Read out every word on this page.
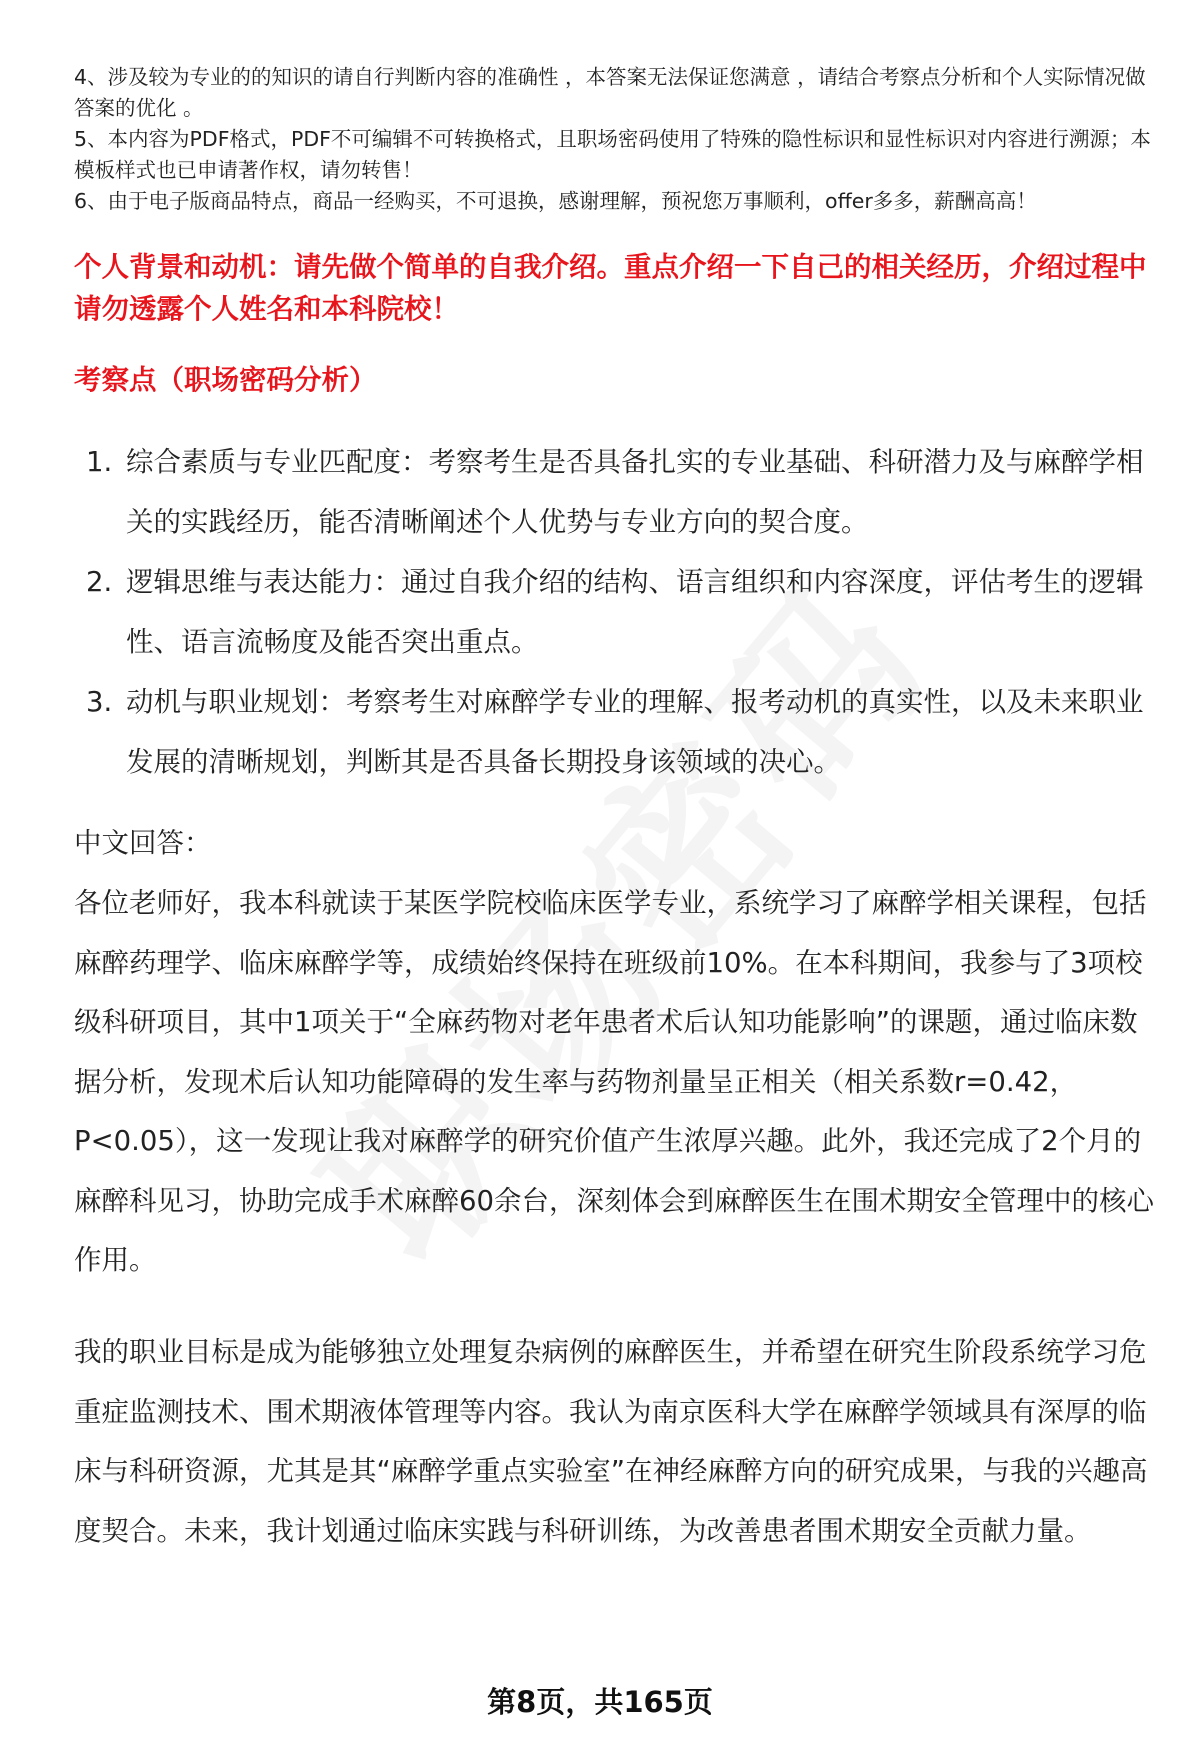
4、涉及较为专业的的知识的请自行判断内容的准确性 ，本答案无法保证您满意 ，请结合考察点分析和个人实际情况做答案的优化 。

5、本内容为PDF格式，PDF不可编辑不可转换格式，且职场密码使用了特殊的隐性标识和显性标识对内容进行溯源；本模板样式也已申请著作权，请勿转售！

6、由于电子版商品特点，商品一经购买，不可退换，感谢理解，预祝您万事顺利，offer多多，薪酬高高！

个人背景和动机：请先做个简单的自我介绍。重点介绍一下自己的相关经历，介绍过程中请勿透露个人姓名和本科院校！

考察点（职场密码分析）

1. 综合素质与专业匹配度：考察考生是否具备扎实的专业基础、科研潜力及与麻醉学相关的实践经历，能否清晰阐述个人优势与专业方向的契合度。
2. 逻辑思维与表达能力：通过自我介绍的结构、语言组织和内容深度，评估考生的逻辑性、语言流畅度及能否突出重点。
3. 动机与职业规划：考察考生对麻醉学专业的理解、报考动机的真实性，以及未来职业发展的清晰规划，判断其是否具备长期投身该领域的决心。

中文回答：

各位老师好，我本科就读于某医学院校临床医学专业，系统学习了麻醉学相关课程，包括麻醉药理学、临床麻醉学等，成绩始终保持在班级前10%。在本科期间，我参与了3项校级科研项目，其中1项关于“全麻药物对老年患者术后认知功能影响”的课题，通过临床数据分析，发现术后认知功能障碍的发生率与药物剂量呈正相关（相关系数r=0.42，P<0.05），这一发现让我对麻醉学的研究价值产生浓厚兴趣。此外，我还完成了2个月的麻醉科见习，协助完成手术麻醉60余台，深刻体会到麻醉医生在围术期安全管理中的核心作用。

我的职业目标是成为能够独立处理复杂病例的麻醉医生，并希望在研究生阶段系统学习危重症监测技术、围术期液体管理等内容。我认为南京医科大学在麻醉学领域具有深厚的临床与科研资源，尤其是其“麻醉学重点实验室”在神经麻醉方向的研究成果，与我的兴趣高度契合。未来，我计划通过临床实践与科研训练，为改善患者围术期安全贡献力量。

第8页，共165页
